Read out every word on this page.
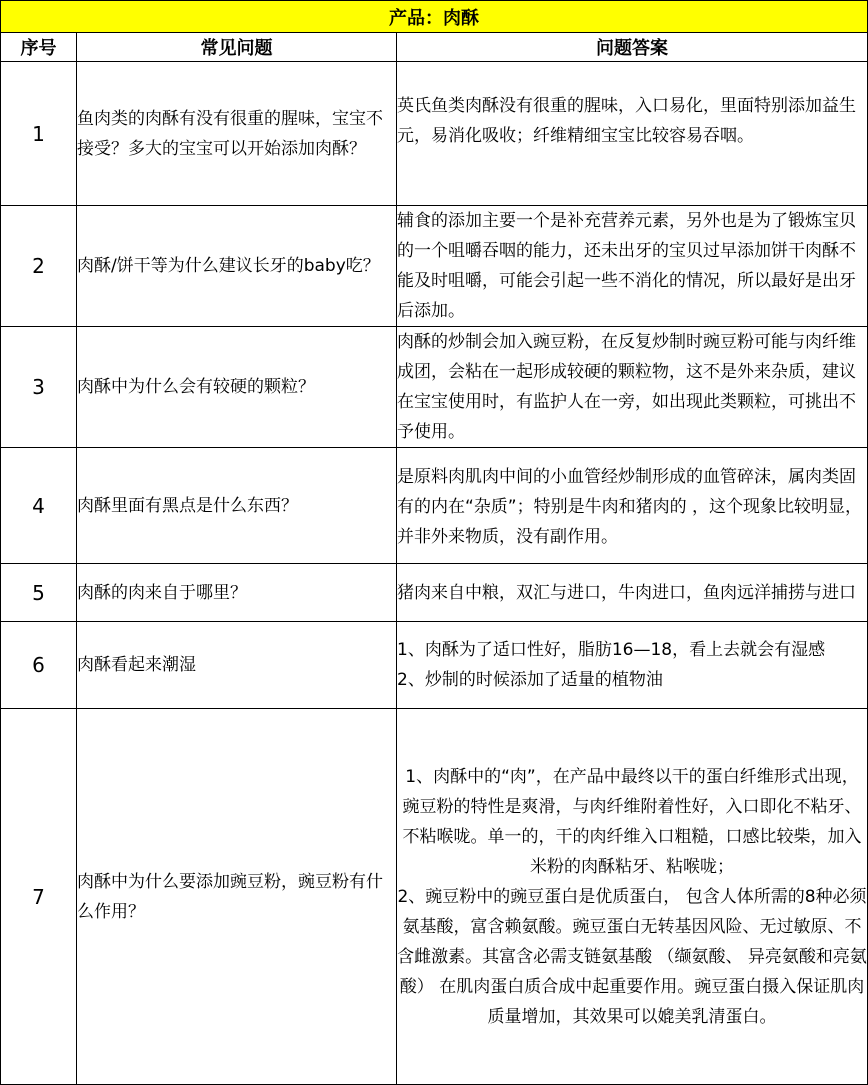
产品：肉酥		
序号	常见问题	问题答案
1	鱼肉类的肉酥有没有很重的腥味，宝宝不接受？多大的宝宝可以开始添加肉酥？	英氏鱼类肉酥没有很重的腥味，入口易化，里面特别添加益生元，易消化吸收；纤维精细宝宝比较容易吞咽。
2	肉酥/饼干等为什么建议长牙的baby吃？	辅食的添加主要一个是补充营养元素，另外也是为了锻炼宝贝的一个咀嚼吞咽的能力，还未出牙的宝贝过早添加饼干肉酥不能及时咀嚼，可能会引起一些不消化的情况，所以最好是出牙后添加。
3	肉酥中为什么会有较硬的颗粒？	肉酥的炒制会加入豌豆粉，在反复炒制时豌豆粉可能与肉纤维成团，会粘在一起形成较硬的颗粒物，这不是外来杂质，建议在宝宝使用时，有监护人在一旁，如出现此类颗粒，可挑出不予使用。
4	肉酥里面有黑点是什么东西？	是原料肉肌肉中间的小血管经炒制形成的血管碎沫，属肉类固有的内在“杂质”；特别是牛肉和猪肉的 ，这个现象比较明显，并非外来物质，没有副作用。
5	肉酥的肉来自于哪里？	猪肉来自中粮，双汇与进口，牛肉进口，鱼肉远洋捕捞与进口
6	肉酥看起来潮湿	1、肉酥为了适口性好，脂肪16—18，看上去就会有湿感
2、炒制的时候添加了适量的植物油

7	肉酥中为什么要添加豌豆粉，豌豆粉有什么作用？	1、肉酥中的“肉”，在产品中最终以干的蛋白纤维形式出现，豌豆粉的特性是爽滑，与肉纤维附着性好，入口即化不粘牙、不粘喉咙。单一的，干的肉纤维入口粗糙，口感比较柴，加入米粉的肉酥粘牙、粘喉咙；
2、豌豆粉中的豌豆蛋白是优质蛋白， 包含人体所需的8种必须氨基酸，富含赖氨酸。豌豆蛋白无转基因风险、无过敏原、不含雌激素。其富含必需支链氨基酸 （缬氨酸、 异亮氨酸和亮氨酸） 在肌肉蛋白质合成中起重要作用。豌豆蛋白摄入保证肌肉质量增加，其效果可以媲美乳清蛋白。
